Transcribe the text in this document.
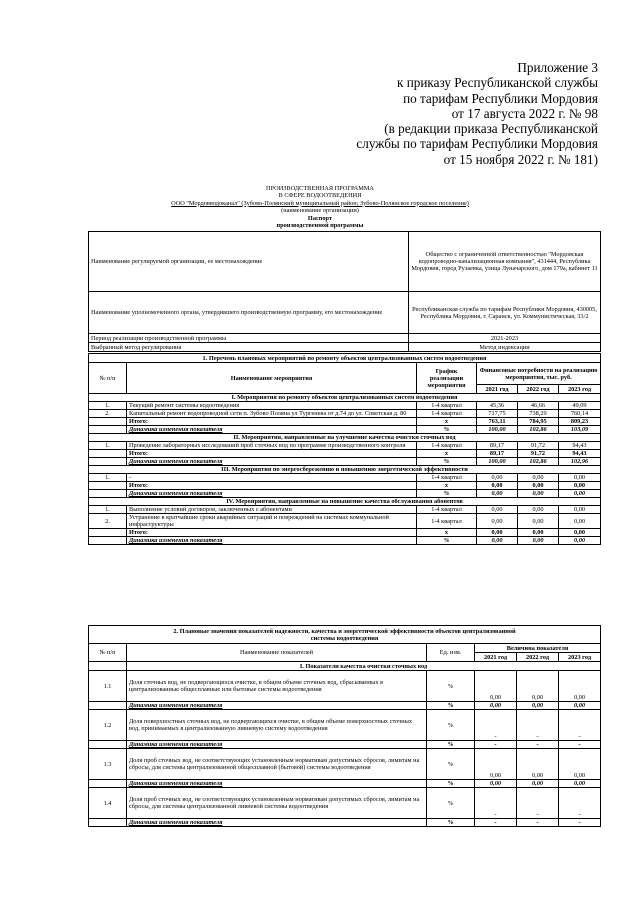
Приложение 3
к приказу Республиканской службы
по тарифам Республики Мордовия
от 17 августа 2022 г. № 98
(в редакции приказа Республиканской
службы по тарифам Республики Мордовия
от 15 ноября 2022 г. № 181)
ПРОИЗВОДСТВЕННАЯ ПРОГРАММА
В СФЕРЕ ВОДООТВЕДЕНИЯ
ООО "Мордовводоканал" (Зубово-Полянский муниципальный район; Зубово-Полянское городское поселение)
(наименование организации)
Паспорт
производственной программы
Наименование регулируемой организации, ее местонахождение	Общество с ограниченной ответственностью "Мордовская водопроводно-канализационная компания", 431444, Республика Мордовия, город Рузаевка, улица Луначарского, дом 179а, кабинет 11
Наименование уполномоченного органа, утвердившего производственную программу, его местонахождение	Республиканская служба по тарифам Республики Мордовия, 430005, Республика Мордовия, г. Саранск, ул. Коммунистическая, 33/2
Период реализации производственной программы	2021-2023
Выбранный метод регулирования	Метод индексации
1. Перечень плановых мероприятий по ремонту объектов централизованных систем водоотведения					
№ п/п	Наименование мероприятия	График реализации мероприятия	Финансовые потребности на реализацию мероприятия, тыс. руб.		
			2021 год	2022 год	2023 год
I. Мероприятия по ремонту объектов централизованных систем водоотведения					
1.	Текущий ремонт системы водоотведения	1-4 квартал	45,36	46,66	49,09
2.	Капитальный ремонт водопроводной сети п. Зубово Поляна ул Тургенева от д.74 до ул. Советская д. 80	1-4 квартал	717,75	738,29	760,14
	Итого:	х	763,11	784,95	809,23
	Динамика изменения показателя	%	100,00	102,86	103,09
II. Мероприятия, направленные на улучшение качества очистки сточных вод					
1.	Проведение лабораторных исследований проб сточных вод по программе производственного контроля	1-4 квартал	89,17	91,72	94,43
	Итого:	х	89,17	91,72	94,43
	Динамика изменения показателя	%	100,00	102,86	102,96
III. Мероприятия по энергосбережению и повышению энергетической эффективности					
1.	-	1-4 квартал	0,00	0,00	0,00
	Итого:	х	0,00	0,00	0,00
	Динамика изменения показателя	%	0,00	0,00	0,00
IV. Мероприятия, направленные на повышение качества обслуживания абонентов					
1.	Выполнение условий договоров, заключенных с абонентами	1-4 квартал	0,00	0,00	0,00
2.	Устранение в кратчайшие сроки аварийных ситуаций и повреждений на системах коммунальной инфраструктуры	1-4 квартал	0,00	0,00	0,00
	Итого:	х	0,00	0,00	0,00
	Динамика изменения показателя	%	0,00	0,00	0,00
2. Плановые значения показателей надежности, качества и энергетической эффективности объектов централизованной
системы водоотведения					

№ п/п	Наименование показателей	Ед. изм.	Величина показателя		
			2021 год	2022 год	2023 год
	I. Показатели качества очистки сточных вод				
1.1	Доля сточных вод, не подвергающихся очистке, в общем объеме сточных вод, сбрасываемых в централизованные общесплавные или бытовые системы водоотведения	%	0,00	0,00	0,00
	Динамика изменения показателя	%	0,00	0,00	0,00
1.2	Доля поверхностных сточных вод, не подвергающихся очистке, в общем объеме поверхностных сточных вод, принимаемых в централизованную ливневую систему водоотведения	%	-	-	-
	Динамика изменения показателя	%	-	-	-
1.3	Доля проб сточных вод, не соответствующих установленным нормативам допустимых сбросов, лимитам на сбросы, для системы централизованной общесплавной (бытовой) системы водоотведения	%	0,00	0,00	0,00
	Динамика изменения показателя	%	0,00	0,00	0,00
1.4	Доля проб сточных вод, не соответствующих установленным нормативам допустимых сбросов, лимитам на сбросы, для системы централизованной ливневой системы водоотведения	%	-	-	-
	Динамика изменения показателя	%	-	-	-
